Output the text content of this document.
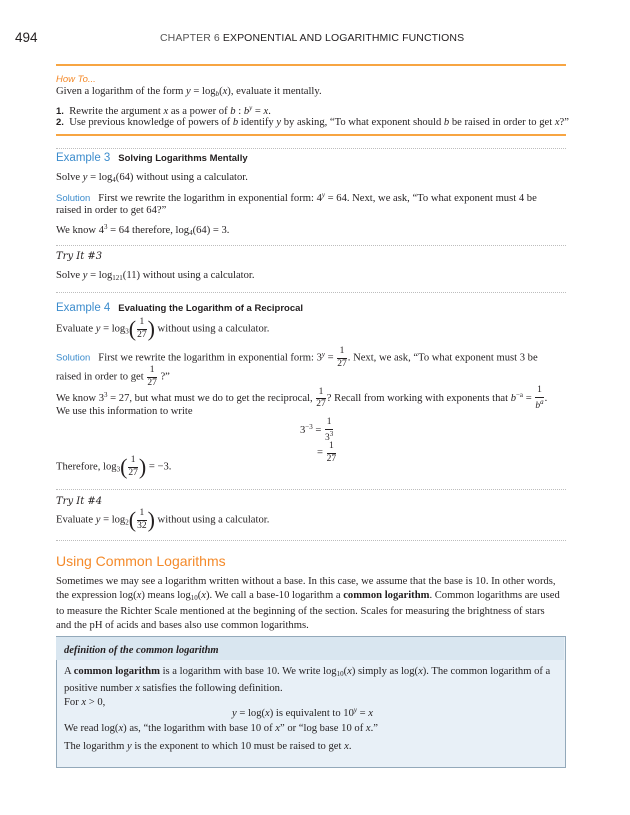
494	CHAPTER 6 EXPONENTIAL AND LOGARITHMIC FUNCTIONS
How To...
Given a logarithm of the form $y = \log_b(x)$, evaluate it mentally.
1. Rewrite the argument x as a power of b : $b^y = x$.
2. Use previous knowledge of powers of b identify y by asking, “To what exponent should b be raised in order to get x?”
Example 3 Solving Logarithms Mentally
Solve $y = \log_4(64)$ without using a calculator.
Solution First we rewrite the logarithm in exponential form: $4^y = 64$. Next, we ask, “To what exponent must 4 be
raised in order to get 64?”
We know $4^3 = 64$ therefore, $\log_4(64) = 3$.
Try It #3
Solve $y = \log_{121}(11)$ without using a calculator.
Example 4 Evaluating the Logarithm of a Reciprocal
Evaluate $y = \log_3( \frac{1}{27}$ ) without using a calculator.
Solution First we rewrite the logarithm in exponential form: $3^y = \frac{1}{27}$ . Next, we ask, “To what exponent must 3 be
raised in order to get $\frac{1}{27}$ ?”
We know $3^3 = 27$, but what must we do to get the reciprocal, $\frac{1}{27}$ ? Recall from working with exponents that $b^{-a} = \frac{1}{b^a}$ .
We use this information to write
$3^{-3} = \frac{1}{3^3}$
= $\frac{1}{27}$
Therefore, $\log_3( \frac{1}{27}$ ) = −3.
Try It #4
Evaluate $y = \log_2( \frac{1}{32}$ ) without using a calculator.
Using Common Logarithms
Sometimes we may see a logarithm written without a base. In this case, we assume that the base is 10. In other words,
the expression log(x) means $\log_{10}(x)$. We call a base-10 logarithm a common logarithm. Common logarithms are used
to measure the Richter Scale mentioned at the beginning of the section. Scales for measuring the brightness of stars
and the pH of acids and bases also use common logarithms.
definition of the common logarithm
A common logarithm is a logarithm with base 10. We write $\log_{10}(x)$ simply as log(x). The common logarithm of a
positive number x satisfies the following definition.
For x > 0,
y = log(x) is equivalent to $10^y = x$
We read log(x) as, “the logarithm with base 10 of x” or “log base 10 of x.”
The logarithm y is the exponent to which 10 must be raised to get x.
